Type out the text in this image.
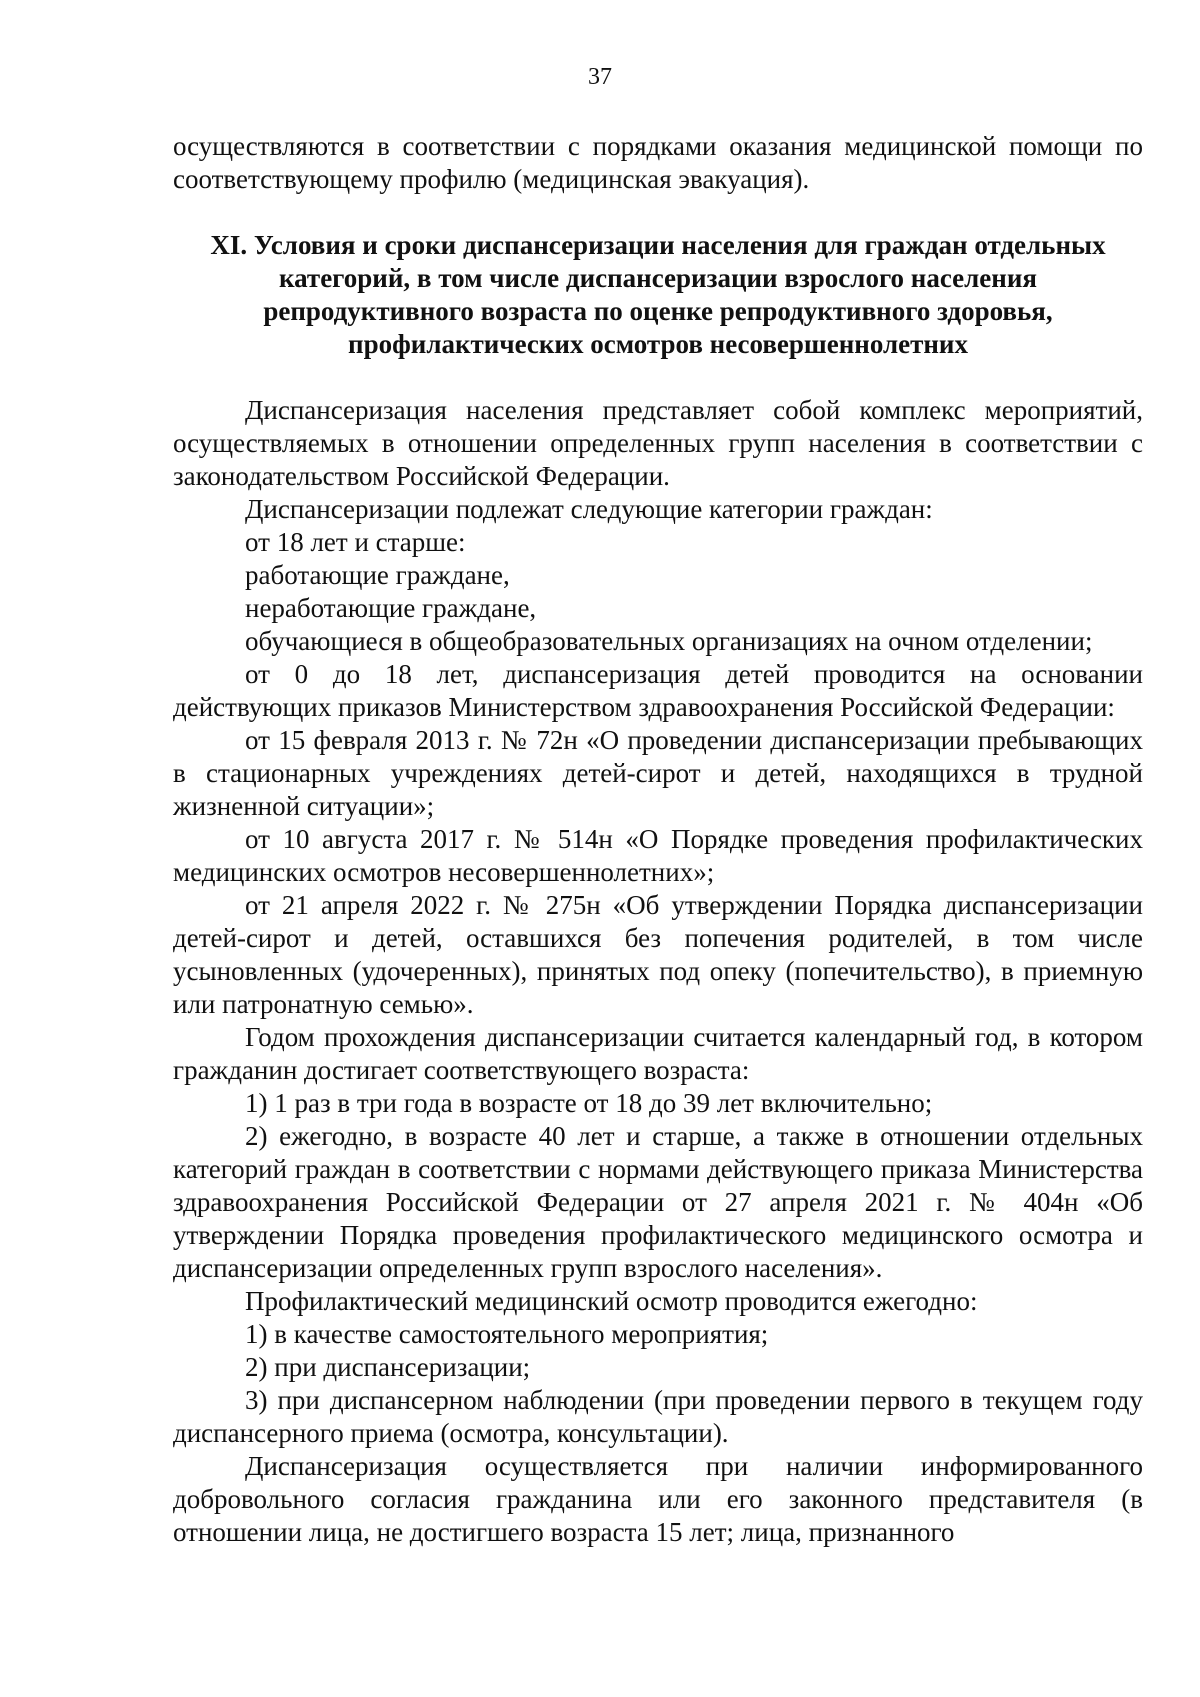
37

осуществляются в соответствии с порядками оказания медицинской помощи по соответствующему профилю (медицинская эвакуация).

XI. Условия и сроки диспансеризации населения для граждан отдельных
категорий, в том числе диспансеризации взрослого населения
репродуктивного возраста по оценке репродуктивного здоровья,
профилактических осмотров несовершеннолетних

Диспансеризация населения представляет собой комплекс мероприятий, осуществляемых в отношении определенных групп населения в соответствии с законодательством Российской Федерации.

Диспансеризации подлежат следующие категории граждан:

от 18 лет и старше:

работающие граждане,

неработающие граждане,

обучающиеся в общеобразовательных организациях на очном отделении;

от 0 до 18 лет, диспансеризация детей проводится на основании действующих приказов Министерством здравоохранения Российской Федерации:

от 15 февраля 2013 г. № 72н «О проведении диспансеризации пребывающих в стационарных учреждениях детей-сирот и детей, находящихся в трудной жизненной ситуации»;

от 10 августа 2017 г. № 514н «О Порядке проведения профилактических медицинских осмотров несовершеннолетних»;

от 21 апреля 2022 г. № 275н «Об утверждении Порядка диспансеризации детей-сирот и детей, оставшихся без попечения родителей, в том числе усыновленных (удочеренных), принятых под опеку (попечительство), в приемную или патронатную семью».

Годом прохождения диспансеризации считается календарный год, в котором гражданин достигает соответствующего возраста:

1) 1 раз в три года в возрасте от 18 до 39 лет включительно;

2) ежегодно, в возрасте 40 лет и старше, а также в отношении отдельных категорий граждан в соответствии с нормами действующего приказа Министерства здравоохранения Российской Федерации от 27 апреля 2021 г. № 404н «Об утверждении Порядка проведения профилактического медицинского осмотра и диспансеризации определенных групп взрослого населения».

Профилактический медицинский осмотр проводится ежегодно:

1) в качестве самостоятельного мероприятия;

2) при диспансеризации;

3) при диспансерном наблюдении (при проведении первого в текущем году диспансерного приема (осмотра, консультации).

Диспансеризация осуществляется при наличии информированного добровольного согласия гражданина или его законного представителя (в отношении лица, не достигшего возраста 15 лет; лица, признанного
